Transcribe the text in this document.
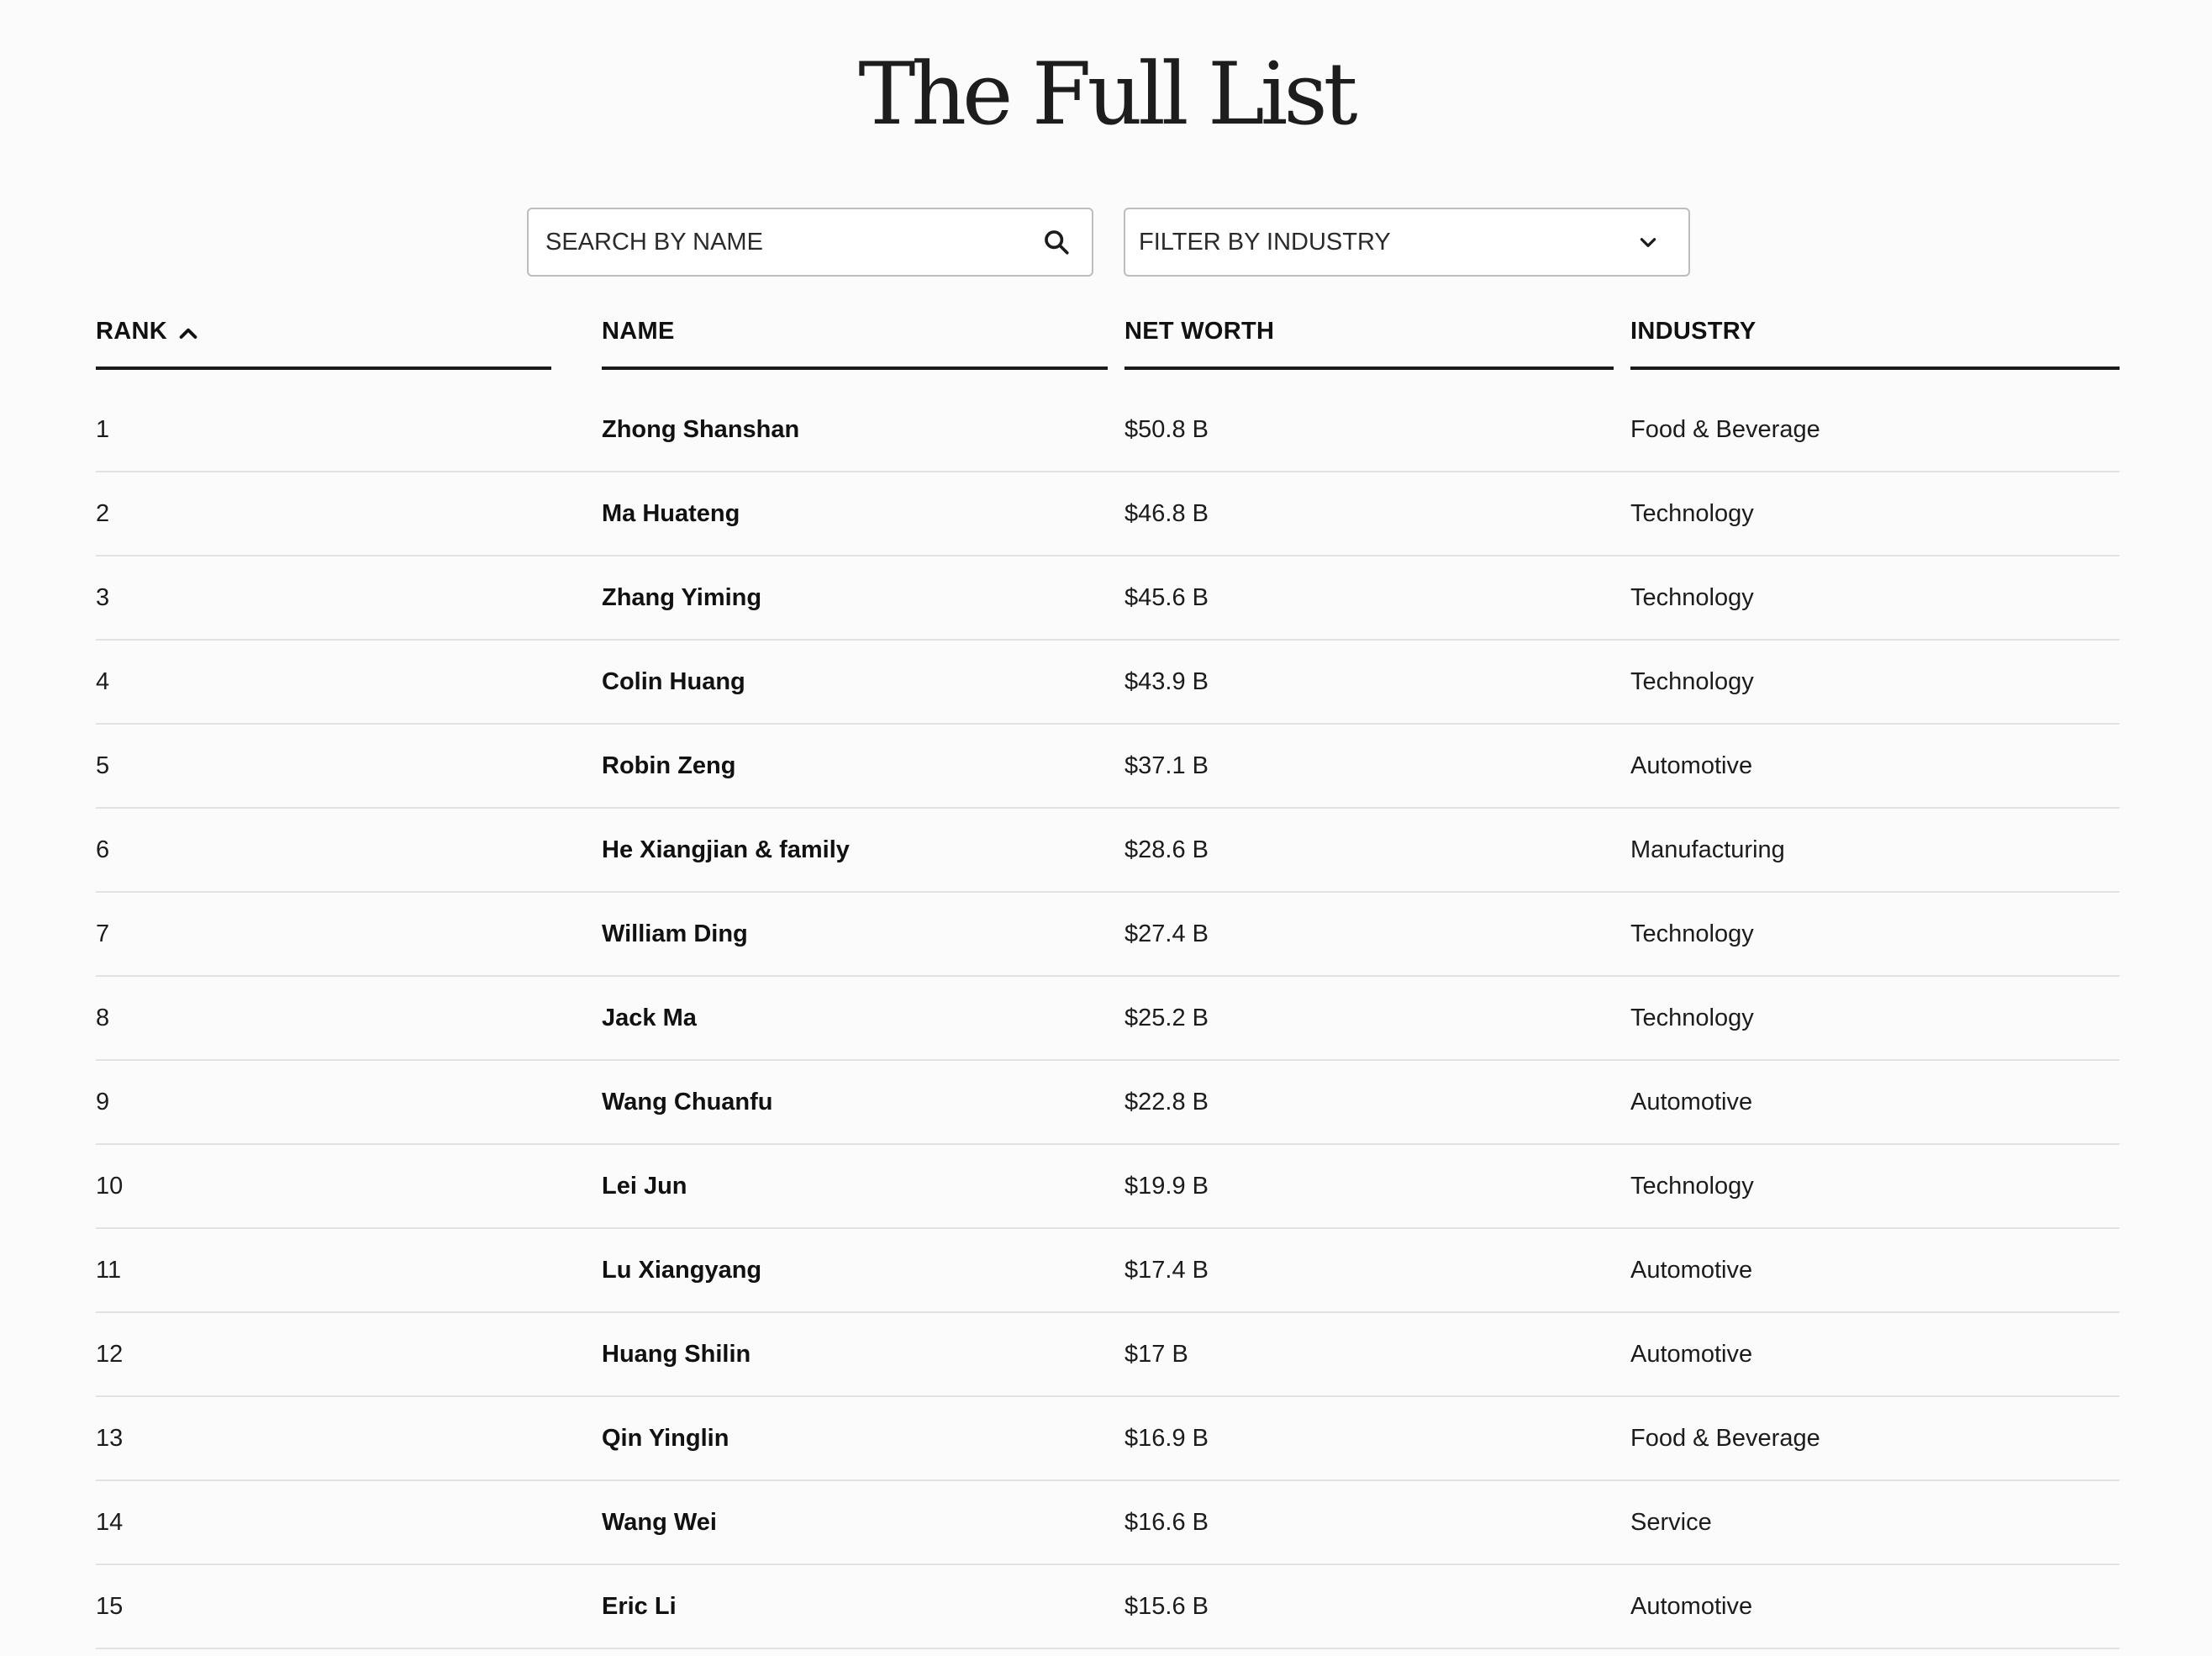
The Full List
SEARCH BY NAME
FILTER BY INDUSTRY
RANK	NAME	NET WORTH	INDUSTRY
1	Zhong Shanshan	$50.8 B	Food & Beverage
2	Ma Huateng	$46.8 B	Technology
3	Zhang Yiming	$45.6 B	Technology
4	Colin Huang	$43.9 B	Technology
5	Robin Zeng	$37.1 B	Automotive
6	He Xiangjian & family	$28.6 B	Manufacturing
7	William Ding	$27.4 B	Technology
8	Jack Ma	$25.2 B	Technology
9	Wang Chuanfu	$22.8 B	Automotive
10	Lei Jun	$19.9 B	Technology
11	Lu Xiangyang	$17.4 B	Automotive
12	Huang Shilin	$17 B	Automotive
13	Qin Yinglin	$16.9 B	Food & Beverage
14	Wang Wei	$16.6 B	Service
15	Eric Li	$15.6 B	Automotive
